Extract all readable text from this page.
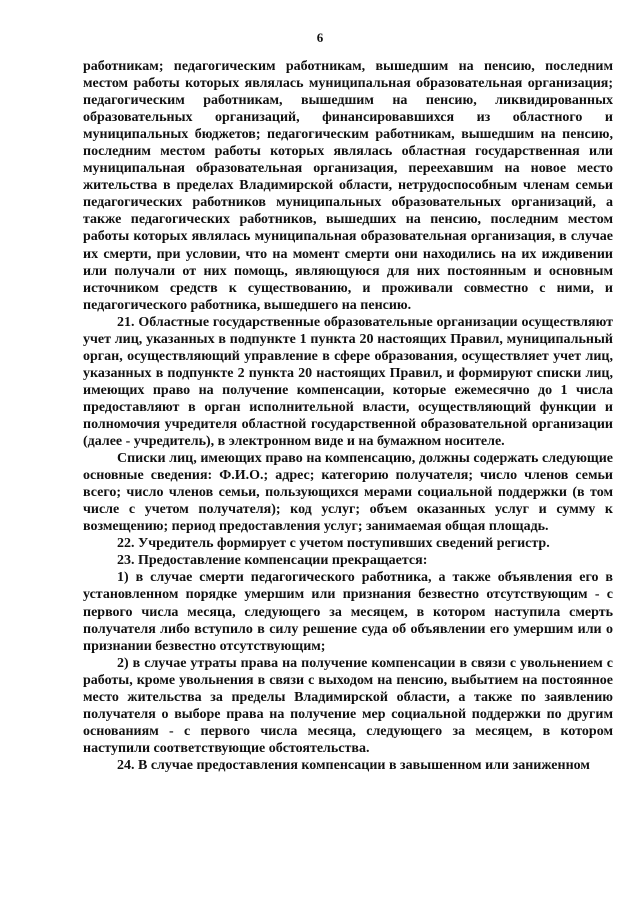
6

работникам; педагогическим работникам, вышедшим на пенсию, последним местом работы которых являлась муниципальная образовательная организация; педагогическим работникам, вышедшим на пенсию, ликвидированных образовательных организаций, финансировавшихся из областного и муниципальных бюджетов; педагогическим работникам, вышедшим на пенсию, последним местом работы которых являлась областная государственная или муниципальная образовательная организация, переехавшим на новое место жительства в пределах Владимирской области, нетрудоспособным членам семьи педагогических работников муниципальных образовательных организаций, а также педагогических работников, вышедших на пенсию, последним местом работы которых являлась муниципальная образовательная организация, в случае их смерти, при условии, что на момент смерти они находились на их иждивении или получали от них помощь, являющуюся для них постоянным и основным источником средств к существованию, и проживали совместно с ними, и педагогического работника, вышедшего на пенсию.

21. Областные государственные образовательные организации осуществляют учет лиц, указанных в подпункте 1 пункта 20 настоящих Правил, муниципальный орган, осуществляющий управление в сфере образования, осуществляет учет лиц, указанных в подпункте 2 пункта 20 настоящих Правил, и формируют списки лиц, имеющих право на получение компенсации, которые ежемесячно до 1 числа предоставляют в орган исполнительной власти, осуществляющий функции и полномочия учредителя областной государственной образовательной организации (далее - учредитель), в электронном виде и на бумажном носителе.

Списки лиц, имеющих право на компенсацию, должны содержать следующие основные сведения: Ф.И.О.; адрес; категорию получателя; число членов семьи всего; число членов семьи, пользующихся мерами социальной поддержки (в том числе с учетом получателя); код услуг; объем оказанных услуг и сумму к возмещению; период предоставления услуг; занимаемая общая площадь.

22. Учредитель формирует с учетом поступивших сведений регистр.

23. Предоставление компенсации прекращается:

1) в случае смерти педагогического работника, а также объявления его в установленном порядке умершим или признания безвестно отсутствующим - с первого числа месяца, следующего за месяцем, в котором наступила смерть получателя либо вступило в силу решение суда об объявлении его умершим или о признании безвестно отсутствующим;

2) в случае утраты права на получение компенсации в связи с увольнением с работы, кроме увольнения в связи с выходом на пенсию, выбытием на постоянное место жительства за пределы Владимирской области, а также по заявлению получателя о выборе права на получение мер социальной поддержки по другим основаниям - с первого числа месяца, следующего за месяцем, в котором наступили соответствующие обстоятельства.

24. В случае предоставления компенсации в завышенном или заниженном
